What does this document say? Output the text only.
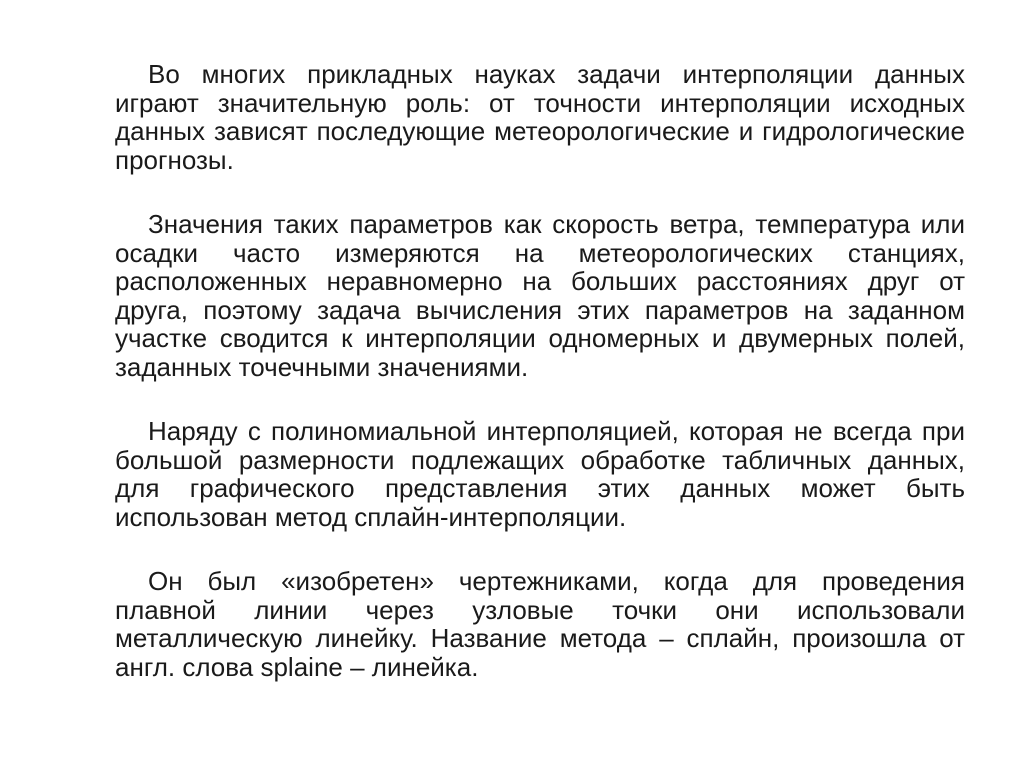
Во многих прикладных науках задачи интерполяции данных играют значительную роль: от точности интерполяции исходных данных зависят последующие метеорологические и гидрологические прогнозы.

Значения таких параметров как скорость ветра, температура или осадки часто измеряются на метеорологических станциях, расположенных неравномерно на больших расстояниях друг от друга, поэтому задача вычисления этих параметров на заданном участке сводится к интерполяции одномерных и двумерных полей, заданных точечными значениями.

Наряду с полиномиальной интерполяцией, которая не всегда при большой размерности подлежащих обработке табличных данных, для графического представления этих данных может быть использован метод сплайн-интерполяции.

Он был «изобретен» чертежниками, когда для проведения плавной линии через узловые точки они использовали металлическую линейку. Название метода – сплайн, произошла от англ. слова splaine – линейка.
